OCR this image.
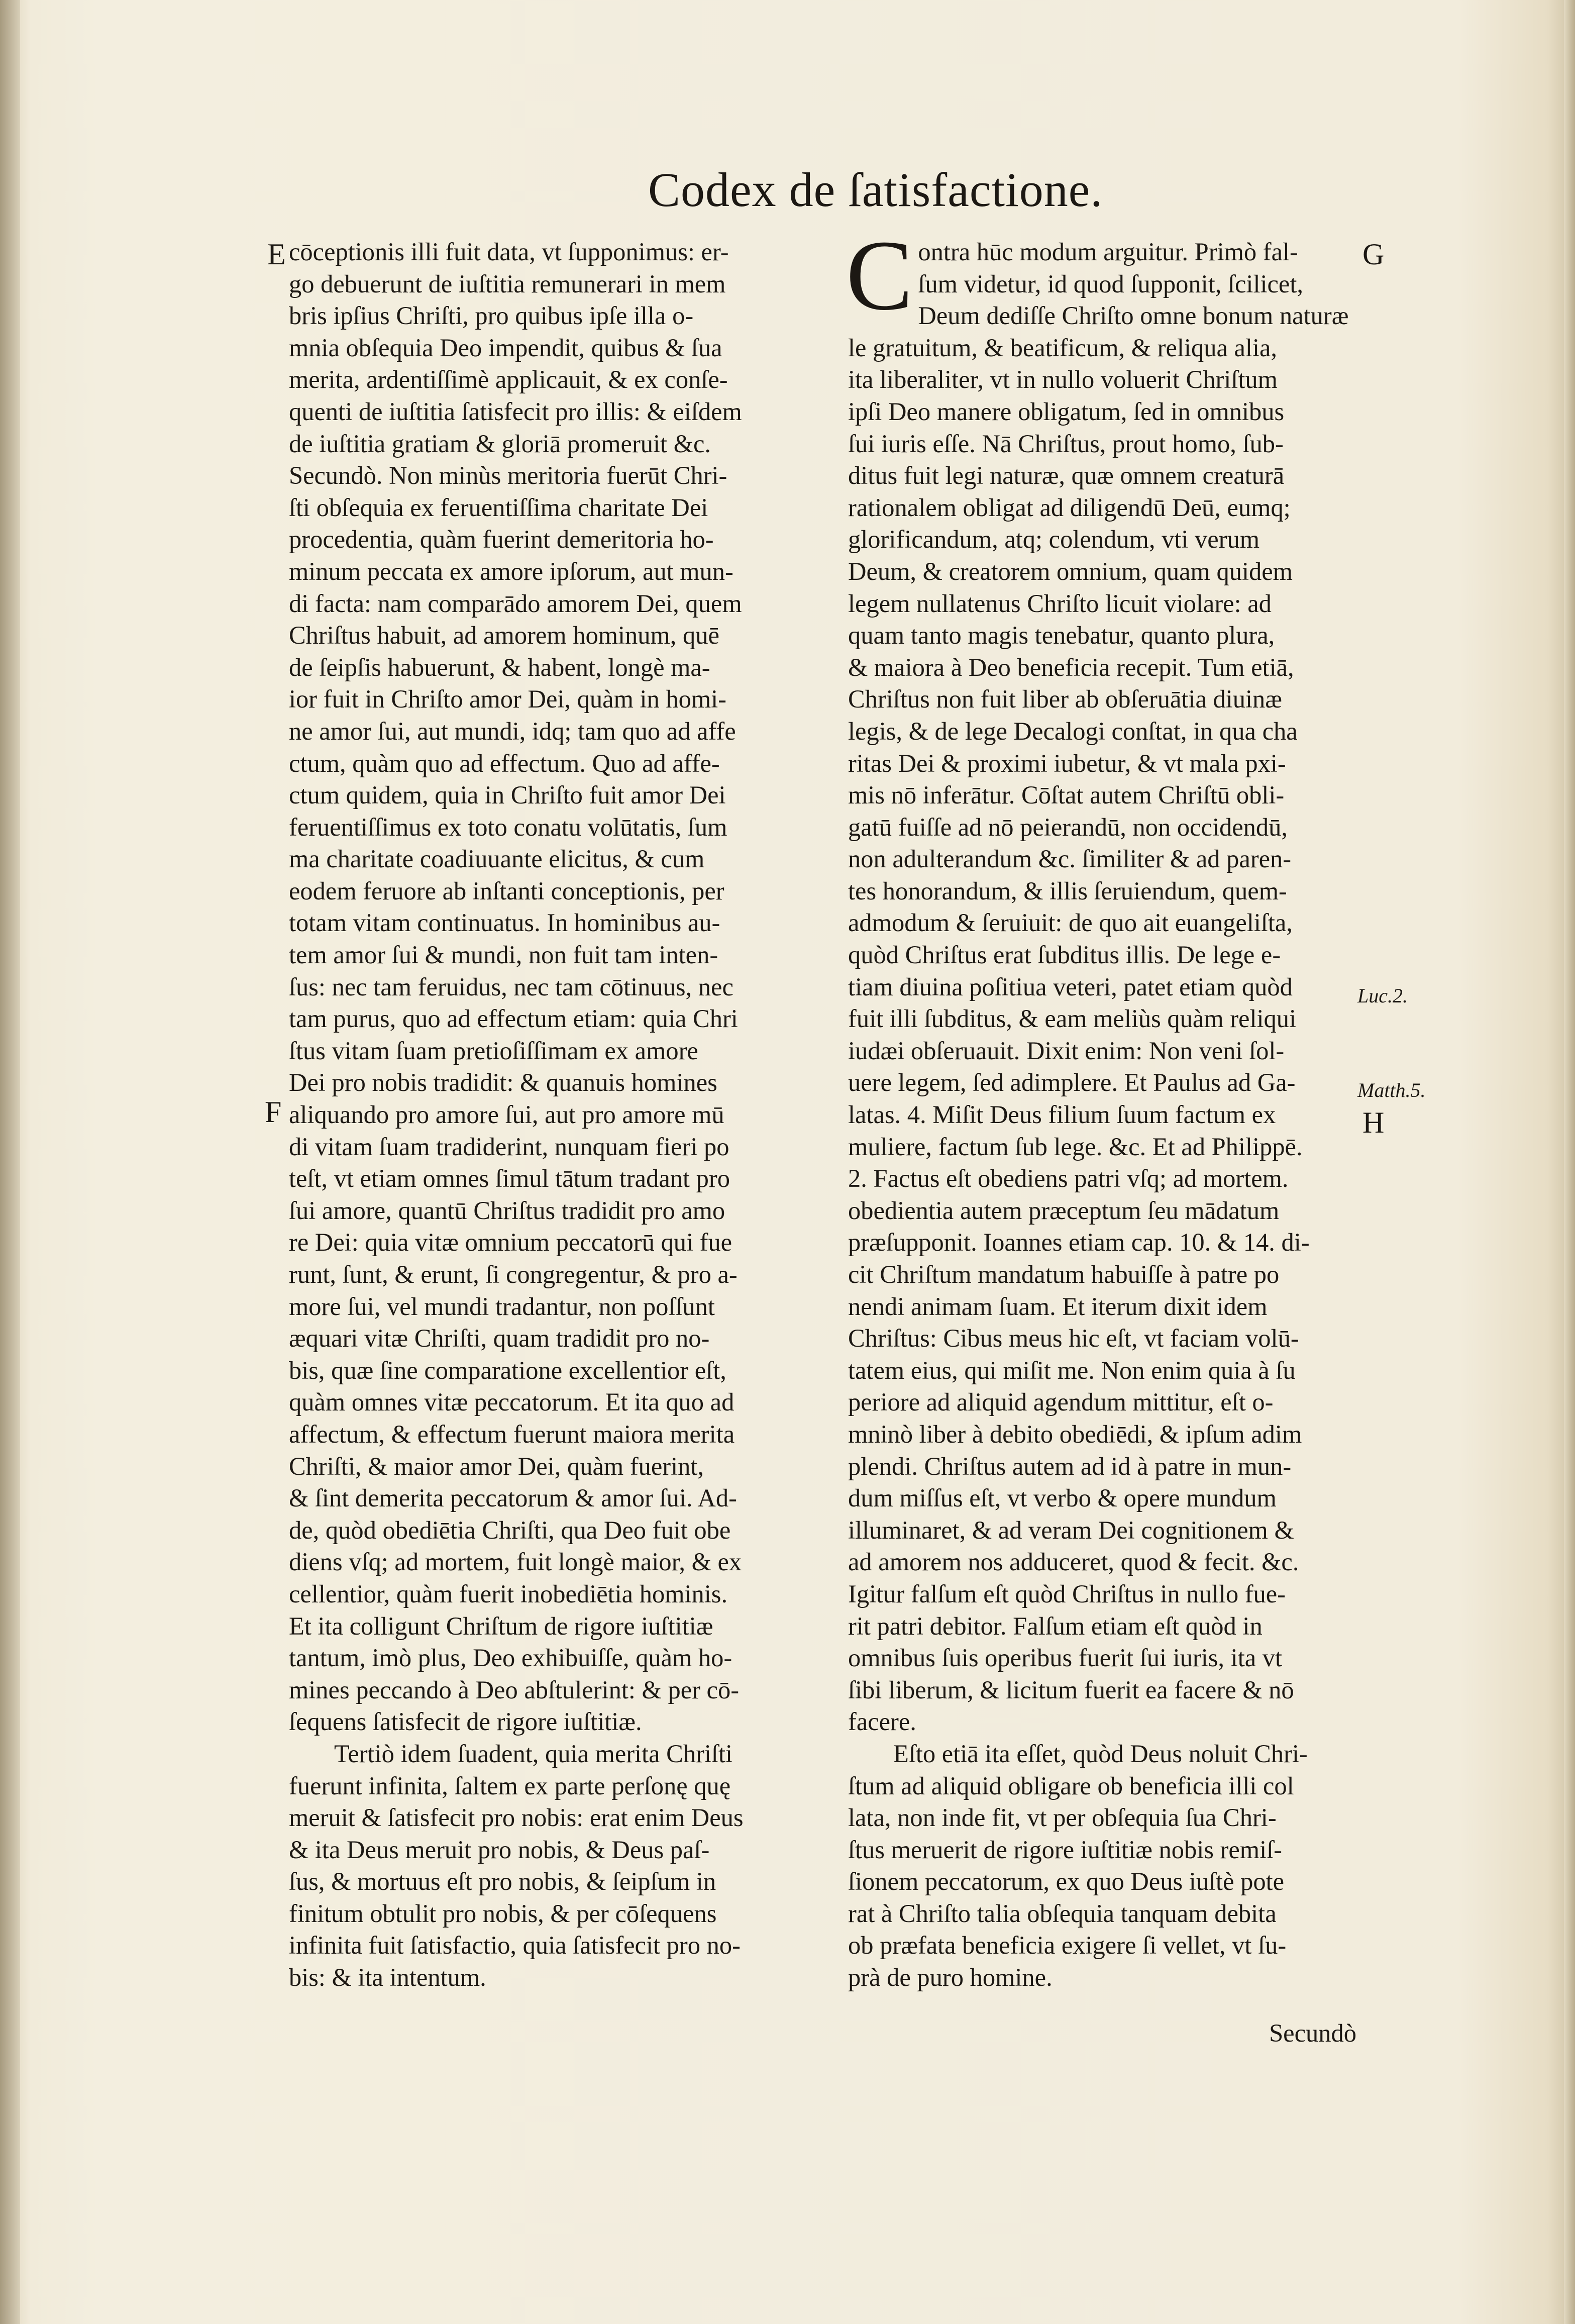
Codex de ſatisfactione.
E
F
G
H
Luc.2.
Matth.5.
cōceptionis illi fuit data, vt ſupponimus: er-
go debuerunt de iuſtitia remunerari in mem
bris ipſius Chriſti, pro quibus ipſe illa o-
mnia obſequia Deo impendit, quibus & ſua
merita, ardentiſſimè applicauit, & ex conſe-
quenti de iuſtitia ſatisfecit pro illis: & eiſdem
de iuſtitia gratiam & gloriā promeruit &c.
Secundò. Non minùs meritoria fuerūt Chri-
ſti obſequia ex feruentiſſima charitate Dei
procedentia, quàm fuerint demeritoria ho-
minum peccata ex amore ipſorum, aut mun-
di facta: nam comparādo amorem Dei, quem
Chriſtus habuit, ad amorem hominum, quē
de ſeipſis habuerunt, & habent, longè ma-
ior fuit in Chriſto amor Dei, quàm in homi-
ne amor ſui, aut mundi, idq; tam quo ad affe
ctum, quàm quo ad effectum. Quo ad affe-
ctum quidem, quia in Chriſto fuit amor Dei
feruentiſſimus ex toto conatu volūtatis, ſum
ma charitate coadiuuante elicitus, & cum
eodem feruore ab inſtanti conceptionis, per
totam vitam continuatus. In hominibus au-
tem amor ſui & mundi, non fuit tam inten-
ſus: nec tam feruidus, nec tam cōtinuus, nec
tam purus, quo ad effectum etiam: quia Chri
ſtus vitam ſuam pretioſiſſimam ex amore
Dei pro nobis tradidit: & quanuis homines
aliquando pro amore ſui, aut pro amore mū
di vitam ſuam tradiderint, nunquam fieri po
teſt, vt etiam omnes ſimul tātum tradant pro
ſui amore, quantū Chriſtus tradidit pro amo
re Dei: quia vitæ omnium peccatorū qui fue
runt, ſunt, & erunt, ſi congregentur, & pro a-
more ſui, vel mundi tradantur, non poſſunt
æquari vitæ Chriſti, quam tradidit pro no-
bis, quæ ſine comparatione excellentior eſt,
quàm omnes vitæ peccatorum. Et ita quo ad
affectum, & effectum fuerunt maiora merita
Chriſti, & maior amor Dei, quàm fuerint,
& ſint demerita peccatorum & amor ſui. Ad-
de, quòd obediētia Chriſti, qua Deo fuit obe
diens vſq; ad mortem, fuit longè maior, & ex
cellentior, quàm fuerit inobediētia hominis.
Et ita colligunt Chriſtum de rigore iuſtitiæ
tantum, imò plus, Deo exhibuiſſe, quàm ho-
mines peccando à Deo abſtulerint: & per cō-
ſequens ſatisfecit de rigore iuſtitiæ.
Tertiò idem ſuadent, quia merita Chriſti
fuerunt infinita, ſaltem ex parte perſonę quę
meruit & ſatisfecit pro nobis: erat enim Deus
& ita Deus meruit pro nobis, & Deus paſ-
ſus, & mortuus eſt pro nobis, & ſeipſum in
finitum obtulit pro nobis, & per cōſequens
infinita fuit ſatisfactio, quia ſatisfecit pro no-
bis: & ita intentum.
C ontra hūc modum arguitur. Primò fal-
ſum videtur, id quod ſupponit, ſcilicet,
Deum dediſſe Chriſto omne bonum naturæ
le gratuitum, & beatificum, & reliqua alia,
ita liberaliter, vt in nullo voluerit Chriſtum
ipſi Deo manere obligatum, ſed in omnibus
ſui iuris eſſe. Nā Chriſtus, prout homo, ſub-
ditus fuit legi naturæ, quæ omnem creaturā
rationalem obligat ad diligendū Deū, eumq;
glorificandum, atq; colendum, vti verum
Deum, & creatorem omnium, quam quidem
legem nullatenus Chriſto licuit violare: ad
quam tanto magis tenebatur, quanto plura,
& maiora à Deo beneficia recepit. Tum etiā,
Chriſtus non fuit liber ab obſeruātia diuinæ
legis, & de lege Decalogi conſtat, in qua cha
ritas Dei & proximi iubetur, & vt mala pxi-
mis nō inferātur. Cōſtat autem Chriſtū obli-
gatū fuiſſe ad nō peierandū, non occidendū,
non adulterandum &c. ſimiliter & ad paren-
tes honorandum, & illis ſeruiendum, quem-
admodum & ſeruiuit: de quo ait euangeliſta,
quòd Chriſtus erat ſubditus illis. De lege e-
tiam diuina poſitiua veteri, patet etiam quòd
fuit illi ſubditus, & eam meliùs quàm reliqui
iudæi obſeruauit. Dixit enim: Non veni ſol-
uere legem, ſed adimplere. Et Paulus ad Ga-
latas. 4. Miſit Deus filium ſuum factum ex
muliere, factum ſub lege. &c. Et ad Philippē.
2. Factus eſt obediens patri vſq; ad mortem.
obedientia autem præceptum ſeu mādatum
præſupponit. Ioannes etiam cap. 10. & 14. di-
cit Chriſtum mandatum habuiſſe à patre po
nendi animam ſuam. Et iterum dixit idem
Chriſtus: Cibus meus hic eſt, vt faciam volū-
tatem eius, qui miſit me. Non enim quia à ſu
periore ad aliquid agendum mittitur, eſt o-
mninò liber à debito obediēdi, & ipſum adim
plendi. Chriſtus autem ad id à patre in mun-
dum miſſus eſt, vt verbo & opere mundum
illuminaret, & ad veram Dei cognitionem &
ad amorem nos adduceret, quod & fecit. &c.
Igitur falſum eſt quòd Chriſtus in nullo fue-
rit patri debitor. Falſum etiam eſt quòd in
omnibus ſuis operibus fuerit ſui iuris, ita vt
ſibi liberum, & licitum fuerit ea facere & nō
facere.
Eſto etiā ita eſſet, quòd Deus noluit Chri-
ſtum ad aliquid obligare ob beneficia illi col
lata, non inde fit, vt per obſequia ſua Chri-
ſtus meruerit de rigore iuſtitiæ nobis remiſ-
ſionem peccatorum, ex quo Deus iuſtè pote
rat à Chriſto talia obſequia tanquam debita
ob præfata beneficia exigere ſi vellet, vt ſu-
prà de puro homine.
Secundò
